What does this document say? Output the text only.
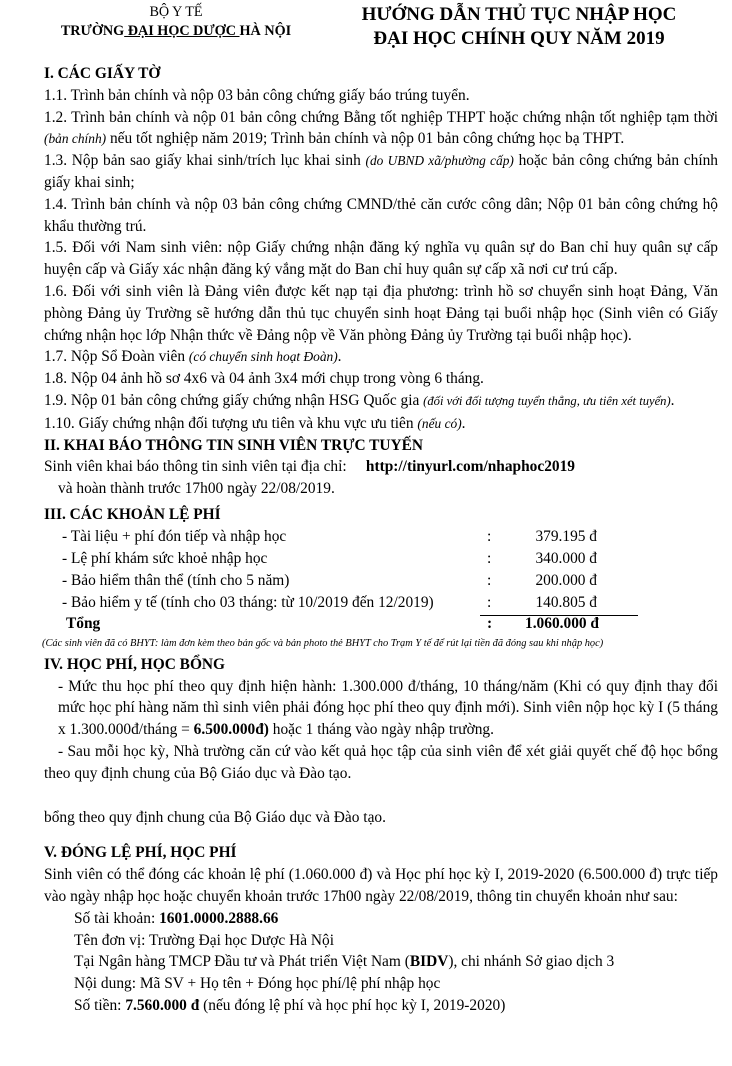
BỘ Y TẾ
TRƯỜNG ĐẠI HỌC DƯỢC HÀ NỘI
HƯỚNG DẪN THỦ TỤC NHẬP HỌC
ĐẠI HỌC CHÍNH QUY NĂM 2019
I. CÁC GIẤY TỜ

1.1. Trình bản chính và nộp 03 bản công chứng giấy báo trúng tuyển.

1.2. Trình bản chính và nộp 01 bản công chứng Bằng tốt nghiệp THPT hoặc chứng nhận tốt nghiệp tạm thời (bản chính) nếu tốt nghiệp năm 2019; Trình bản chính và nộp 01 bản công chứng học bạ THPT.

1.3. Nộp bản sao giấy khai sinh/trích lục khai sinh (do UBND xã/phường cấp) hoặc bản công chứng bản chính giấy khai sinh;

1.4. Trình bản chính và nộp 03 bản công chứng CMND/thẻ căn cước công dân; Nộp 01 bản công chứng hộ khẩu thường trú.

1.5. Đối với Nam sinh viên: nộp Giấy chứng nhận đăng ký nghĩa vụ quân sự do Ban chỉ huy quân sự cấp huyện cấp và Giấy xác nhận đăng ký vắng mặt do Ban chỉ huy quân sự cấp xã nơi cư trú cấp.

1.6. Đối với sinh viên là Đảng viên được kết nạp tại địa phương: trình hồ sơ chuyển sinh hoạt Đảng, Văn phòng Đảng ủy Trường sẽ hướng dẫn thủ tục chuyển sinh hoạt Đảng tại buổi nhập học (Sinh viên có Giấy chứng nhận học lớp Nhận thức về Đảng nộp về Văn phòng Đảng ủy Trường tại buổi nhập học).

1.7. Nộp Sổ Đoàn viên (có chuyển sinh hoạt Đoàn).

1.8. Nộp 04 ảnh hồ sơ 4x6 và 04 ảnh 3x4 mới chụp trong vòng 6 tháng.

1.9. Nộp 01 bản công chứng giấy chứng nhận HSG Quốc gia (đối với đối tượng tuyển thẳng, ưu tiên xét tuyển).

1.10. Giấy chứng nhận đối tượng ưu tiên và khu vực ưu tiên (nếu có).

II. KHAI BÁO THÔNG TIN SINH VIÊN TRỰC TUYẾN

Sinh viên khai báo thông tin sinh viên tại địa chỉ: http://tinyurl.com/nhaphoc2019

và hoàn thành trước 17h00 ngày 22/08/2019.

III. CÁC KHOẢN LỆ PHÍ
- Tài liệu + phí đón tiếp và nhập học	:	379.195 đ
- Lệ phí khám sức khoẻ nhập học	:	340.000 đ
- Bảo hiểm thân thể (tính cho 5 năm)	:	200.000 đ
- Bảo hiểm y tế (tính cho 03 tháng: từ 10/2019 đến 12/2019)	:	140.805 đ
Tổng	:	1.060.000 đ
(Các sinh viên đã có BHYT: làm đơn kèm theo bản gốc và bản photo thẻ BHYT cho Trạm Y tế để rút lại tiền đã đóng sau khi nhập học)
IV. HỌC PHÍ, HỌC BỔNG

- Mức thu học phí theo quy định hiện hành: 1.300.000 đ/tháng, 10 tháng/năm (Khi có quy định thay đổi mức học phí hàng năm thì sinh viên phải đóng học phí theo quy định mới). Sinh viên nộp học kỳ I (5 tháng x 1.300.000đ/tháng = 6.500.000đ) hoặc 1 tháng vào ngày nhập trường.

- Sau mỗi học kỳ, Nhà trường căn cứ vào kết quả học tập của sinh viên để xét giải quyết chế độ học bổng theo quy định chung của Bộ Giáo dục và Đào tạo.

bổng theo quy định chung của Bộ Giáo dục và Đào tạo.

V. ĐÓNG LỆ PHÍ, HỌC PHÍ

Sinh viên có thể đóng các khoản lệ phí (1.060.000 đ) và Học phí học kỳ I, 2019-2020 (6.500.000 đ) trực tiếp vào ngày nhập học hoặc chuyển khoản trước 17h00 ngày 22/08/2019, thông tin chuyển khoản như sau:

Số tài khoản: 1601.0000.2888.66

Tên đơn vị: Trường Đại học Dược Hà Nội

Tại Ngân hàng TMCP Đầu tư và Phát triển Việt Nam (BIDV), chi nhánh Sở giao dịch 3

Nội dung: Mã SV + Họ tên + Đóng học phí/lệ phí nhập học

Số tiền: 7.560.000 đ (nếu đóng lệ phí và học phí học kỳ I, 2019-2020)
